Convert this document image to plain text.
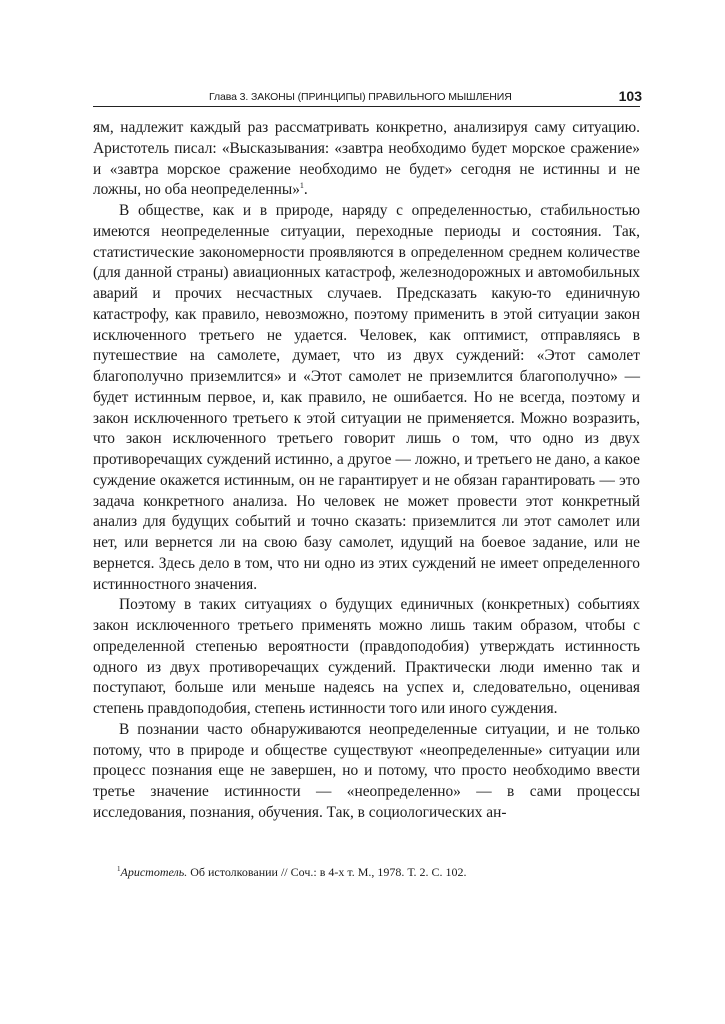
Глава 3. ЗАКОНЫ (ПРИНЦИПЫ) ПРАВИЛЬНОГО МЫШЛЕНИЯ	103

ям, надлежит каждый раз рассматривать конкретно, анализируя саму ситуацию. Аристотель писал: «Высказывания: «завтра необходимо будет морское сражение» и «завтра морское сражение необходимо не будет» сегодня не истинны и не ложны, но оба неопределенны»$^1$.

В обществе, как и в природе, наряду с определенностью, стабильностью имеются неопределенные ситуации, переходные периоды и состояния. Так, статистические закономерности проявляются в определенном среднем количестве (для данной страны) авиационных катастроф, железнодорожных и автомобильных аварий и прочих несчастных случаев. Предсказать какую-то единичную катастрофу, как правило, невозможно, поэтому применить в этой ситуации закон исключенного третьего не удается. Человек, как оптимист, отправляясь в путешествие на самолете, думает, что из двух суждений: «Этот самолет благополучно приземлится» и «Этот самолет не приземлится благополучно» — будет истинным первое, и, как правило, не ошибается. Но не всегда, поэтому и закон исключенного третьего к этой ситуации не применяется. Можно возразить, что закон исключенного третьего говорит лишь о том, что одно из двух противоречащих суждений истинно, а другое — ложно, и третьего не дано, а какое суждение окажется истинным, он не гарантирует и не обязан гарантировать — это задача конкретного анализа. Но человек не может провести этот конкретный анализ для будущих событий и точно сказать: приземлится ли этот самолет или нет, или вернется ли на свою базу самолет, идущий на боевое задание, или не вернется. Здесь дело в том, что ни одно из этих суждений не имеет определенного истинностного значения.

Поэтому в таких ситуациях о будущих единичных (конкретных) событиях закон исключенного третьего применять можно лишь таким образом, чтобы с определенной степенью вероятности (правдоподобия) утверждать истинность одного из двух противоречащих суждений. Практически люди именно так и поступают, больше или меньше надеясь на успех и, следовательно, оценивая степень правдоподобия, степень истинности того или иного суждения.

В познании часто обнаруживаются неопределенные ситуации, и не только потому, что в природе и обществе существуют «неопределенные» ситуации или процесс познания еще не завершен, но и потому, что просто необходимо ввести третье значение истинности — «неопределенно» — в сами процессы исследования, познания, обучения. Так, в социологических ан-

$^1$Аристотель. Об истолковании // Соч.: в 4-х т. М., 1978. Т. 2. С. 102.
